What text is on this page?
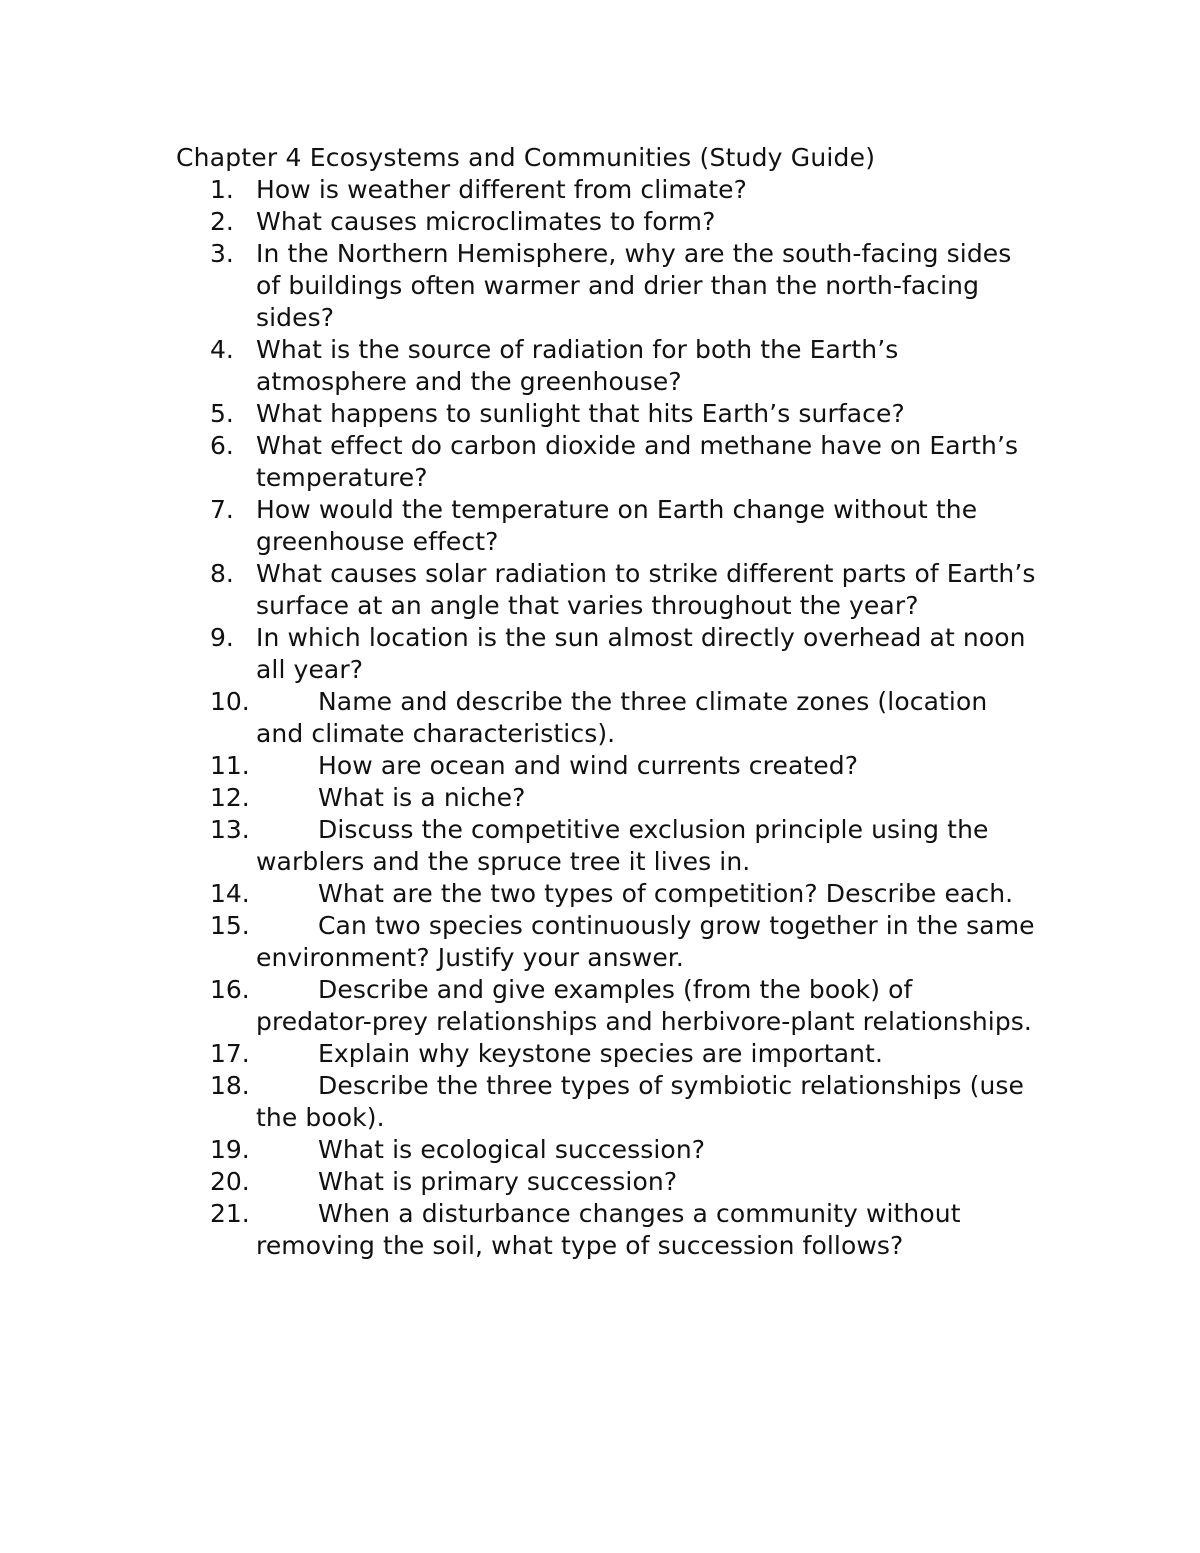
Chapter 4 Ecosystems and Communities (Study Guide)
1. How is weather different from climate?
2. What causes microclimates to form?
3. In the Northern Hemisphere, why are the south-facing sides of buildings often warmer and drier than the north-facing sides?
4. What is the source of radiation for both the Earth’s atmosphere and the greenhouse?
5. What happens to sunlight that hits Earth’s surface?
6. What effect do carbon dioxide and methane have on Earth’s temperature?
7. How would the temperature on Earth change without the greenhouse effect?
8. What causes solar radiation to strike different parts of Earth’s surface at an angle that varies throughout the year?
9. In which location is the sun almost directly overhead at noon all year?
10.	Name and describe the three climate zones (location and climate characteristics).
11.	How are ocean and wind currents created?
12.	What is a niche?
13.	Discuss the competitive exclusion principle using the warblers and the spruce tree it lives in.
14.	What are the two types of competition? Describe each.
15.	Can two species continuously grow together in the same environment? Justify your answer.
16.	Describe and give examples (from the book) of predator-prey relationships and herbivore-plant relationships.
17.	Explain why keystone species are important.
18.	Describe the three types of symbiotic relationships (use the book).
19.	What is ecological succession?
20.	What is primary succession?
21.	When a disturbance changes a community without removing the soil, what type of succession follows?
